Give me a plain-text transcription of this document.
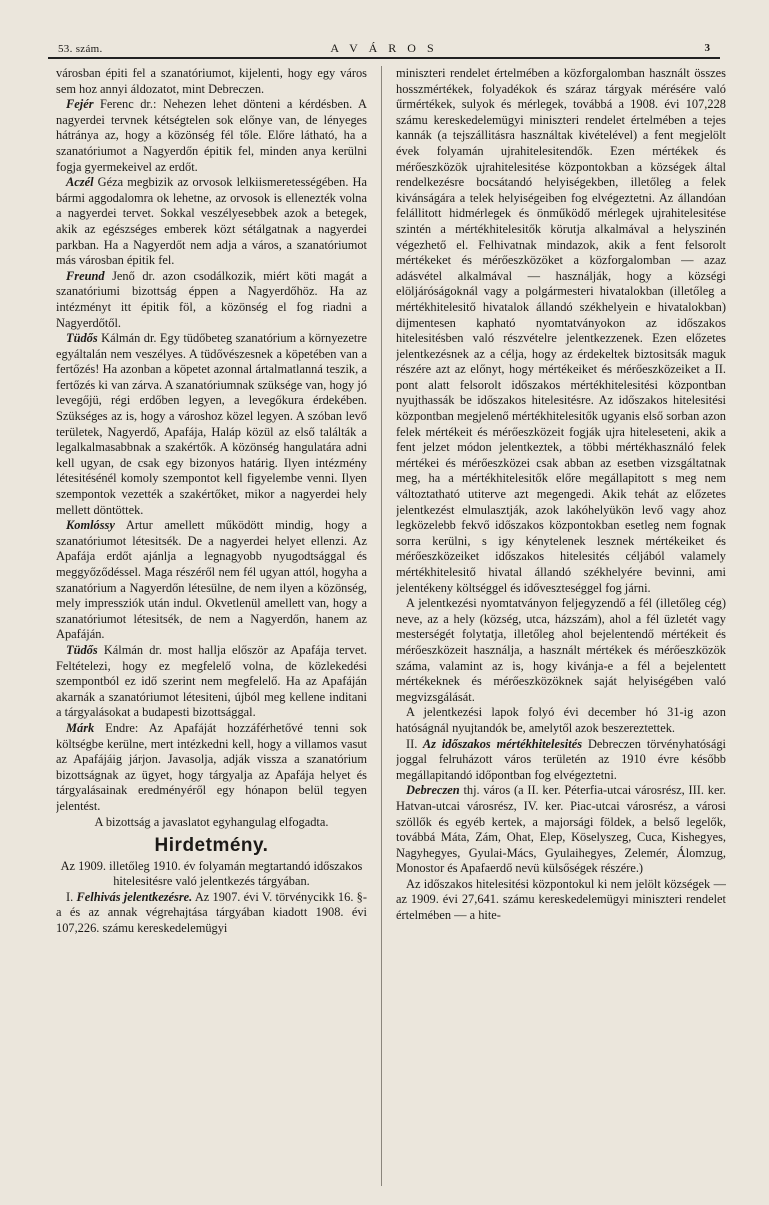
53. szám.	A V Á R O S	3

városban épiti fel a szanatóriumot, kijelenti, hogy egy város sem hoz annyi áldozatot, mint Debreczen.

Fejér Ferenc dr.: Nehezen lehet dönteni a kérdésben. A nagyerdei tervnek kétségtelen sok előnye van, de lényeges hátránya az, hogy a közönség fél tőle. Előre látható, ha a szanatóriumot a Nagyerdőn épitik fel, minden anya kerülni fogja gyermekeivel az erdőt.

Aczél Géza megbizik az orvosok lelkiismeretességében. Ha bármi aggodalomra ok lehetne, az orvosok is ellenezték volna a nagyerdei tervet. Sokkal veszélyesebbek azok a betegek, akik az egészséges emberek közt sétálgatnak a nagyerdei parkban. Ha a Nagyerdőt nem adja a város, a szanatóriumot más városban épitik fel.

Freund Jenő dr. azon csodálkozik, miért köti magát a szanatóriumi bizottság éppen a Nagyerdőhöz. Ha az intézményt itt épitik föl, a közönség el fog riadni a Nagyerdőtől.

Tüdős Kálmán dr. Egy tüdőbeteg szanatórium a környezetre egyáltalán nem veszélyes. A tüdővészesnek a köpetében van a fertőzés! Ha azonban a köpetet azonnal ártalmatlanná teszik, a fertőzés ki van zárva. A szanatóriumnak szüksége van, hogy jó levegőjü, régi erdőben legyen, a levegőkura érdekében. Szükséges az is, hogy a városhoz közel legyen. A szóban levő területek, Nagyerdő, Apafája, Haláp közül az első találták a legalkalmasabbnak a szakértők. A közönség hangulatára adni kell ugyan, de csak egy bizonyos határig. Ilyen intézmény létesitésénél komoly szempontot kell figyelembe venni. Ilyen szempontok vezették a szakértőket, mikor a nagyerdei hely mellett döntöttek.

Komlóssy Artur amellett működött mindig, hogy a szanatóriumot létesitsék. De a nagyerdei helyet ellenzi. Az Apafája erdőt ajánlja a legnagyobb nyugodtsággal és meggyőződéssel. Maga részéről nem fél ugyan attól, hogyha a szanatórium a Nagyerdőn létesülne, de nem ilyen a közönség, mely impressziók után indul. Okvetlenül amellett van, hogy a szanatóriumot létesitsék, de nem a Nagyerdőn, hanem az Apafáján.

Tüdős Kálmán dr. most hallja először az Apafája tervet. Feltételezi, hogy ez megfelelő volna, de közlekedési szempontból ez idő szerint nem megfelelő. Ha az Apafáján akarnák a szanatóriumot létesiteni, újból meg kellene inditani a tárgyalásokat a budapesti bizottsággal.

Márk Endre: Az Apafáját hozzáférhetővé tenni sok költségbe kerülne, mert intézkedni kell, hogy a villamos vasut az Apafájáig járjon. Javasolja, adják vissza a szanatórium bizottságnak az ügyet, hogy tárgyalja az Apafája helyet és tárgyalásainak eredményéről egy hónapon belül tegyen jelentést.

A bizottság a javaslatot egyhangulag elfogadta.

Hirdetmény.

Az 1909. illetőleg 1910. év folyamán megtartandó időszakos hitelesitésre való jelentkezés tárgyában.

I. Felhivás jelentkezésre. Az 1907. évi V. törvénycikk 16. §-a és az annak végrehajtása tárgyában kiadott 1908. évi 107,226. számu kereskedelemügyi

miniszteri rendelet értelmében a közforgalomban használt összes hosszmértékek, folyadékok és száraz tárgyak mérésére való űrmértékek, sulyok és mérlegek, továbbá a 1908. évi 107,228 számu kereskedelemügyi miniszteri rendelet értelmében a tejes kannák (a tejszállitásra használtak kivételével) a fent megjelölt évek folyamán ujrahitelesitendők. Ezen mértékek és mérőeszközök ujrahitelesitése központokban a községek által rendelkezésre bocsátandó helyiségekben, illetőleg a felek kivánságára a telek helyiségeiben fog elvégeztetni. Az állandóan felállitott hidmérlegek és önműködő mérlegek ujrahitelesitése szintén a mértékhitelesitők körutja alkalmával a helyszinén végezhető el. Felhivatnak mindazok, akik a fent felsorolt mértékeket és mérőeszközöket a közforgalomban — azaz adásvétel alkalmával — használják, hogy a községi elöljáróságoknál vagy a polgármesteri hivatalokban (illetőleg a mértékhitelesitő hivatalok állandó székhelyein e hivatalokban) dijmentesen kapható nyomtatványokon az időszakos hitelesitésben való részvételre jelentkezzenek. Ezen előzetes jelentkezésnek az a célja, hogy az érdekeltek biztositsák maguk részére azt az előnyt, hogy mértékeiket és mérőeszközeiket a II. pont alatt felsorolt időszakos mértékhitelesitési központban nyujthassák be időszakos hitelesitésre. Az időszakos hitelesitési központban megjelenő mértékhitelesitők ugyanis első sorban azon felek mértékeit és mérőeszközeit fogják ujra hiteleseteni, akik a fent jelzet módon jelentkeztek, a többi mértékhasználó felek mértékei és mérőeszközei csak abban az esetben vizsgáltatnak meg, ha a mértékhitelesitők előre megállapitott s meg nem változtatható utiterve azt megengedi. Akik tehát az előzetes jelentkezést elmulasztják, azok lakóhelyükön levő vagy ahoz legközelebb fekvő időszakos központokban esetleg nem fognak sorra kerülni, s igy kénytelenek lesznek mértékeiket és mérőeszközeiket időszakos hitelesités céljából valamely mértékhitelesitő hivatal állandó székhelyére bevinni, ami jelentékeny költséggel és időveszteséggel fog járni.

A jelentkezési nyomtatványon feljegyzendő a fél (illetőleg cég) neve, az a hely (község, utca, házszám), ahol a fél üzletét vagy mesterségét folytatja, illetőleg ahol bejelentendő mértékeit és mérőeszközeit használja, a használt mértékek és mérőeszközök száma, valamint az is, hogy kivánja-e a fél a bejelentett mértékeknek és mérőeszközöknek saját helyiségében való megvizsgálását.

A jelentkezési lapok folyó évi december hó 31-ig azon hatóságnál nyujtandók be, amelytől azok beszereztettek.

II. Az időszakos mértékhitelesités Debreczen törvényhatósági joggal felruházott város területén az 1910 évre később megállapitandó időpontban fog elvégeztetni.

Debreczen thj. város (a II. ker. Péterfia-utcai városrész, III. ker. Hatvan-utcai városrész, IV. ker. Piac-utcai városrész, a városi szöllők és egyéb kertek, a majorsági földek, a belső legelők, továbbá Máta, Zám, Ohat, Elep, Köselyszeg, Cuca, Kishegyes, Nagyhegyes, Gyulai-Mács, Gyulaihegyes, Zelemér, Álomzug, Monostor és Apafaerdő nevü külsőségek részére.)

Az időszakos hitelesitési központokul ki nem jelölt községek — az 1909. évi 27,641. számu kereskedelemügyi miniszteri rendelet értelmében — a hite-
